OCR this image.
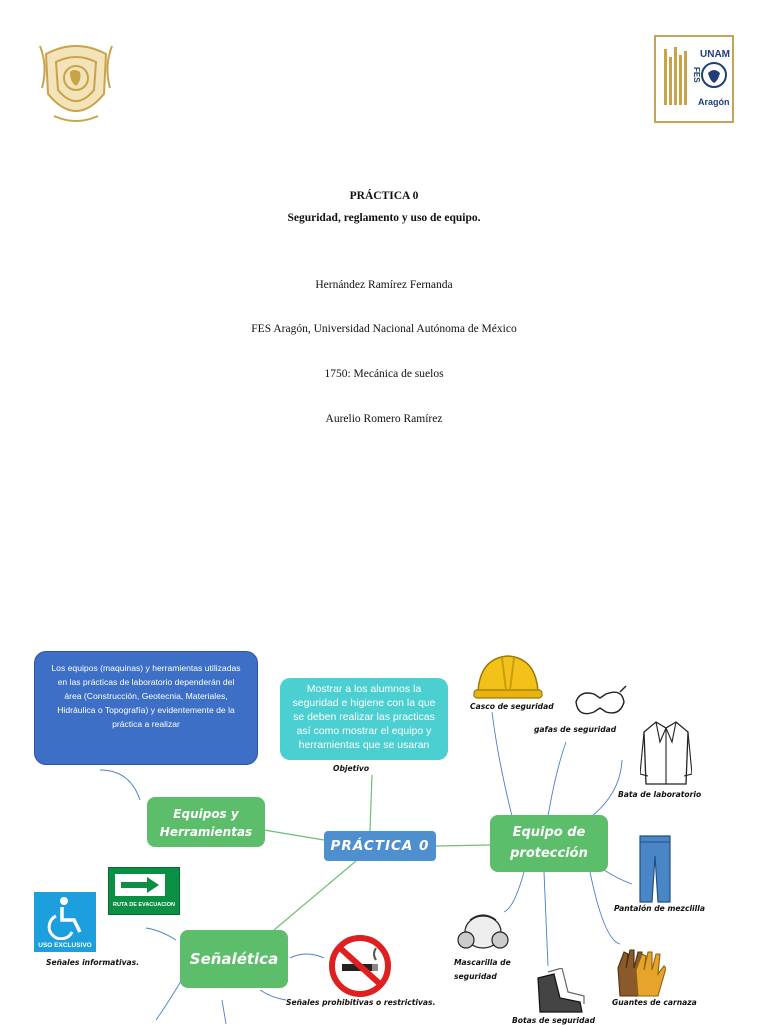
UNAM
FES
Aragón
PRÁCTICA 0
Seguridad, reglamento y uso de equipo.
Hernández Ramírez Fernanda
FES Aragón, Universidad Nacional Autónoma de México
1750: Mecánica de suelos
Aurelio Romero Ramírez
Los equipos (maquinas) y herramientas utilizadas en las prácticas de laboratorio dependerán del área (Construcción, Geotecnia, Materiales, Hidráulica o Topografía) y evidentemente de la práctica a realizar
Mostrar a los alumnos la seguridad e higiene con la que se deben realizar las practicas así como mostrar el equipo y herramientas que se usaran
Objetivo
Equipos y Herramientas
PRÁCTICA 0
Equipo de protección
Señalética
Casco de seguridad
gafas de seguridad
Bata de laboratorio
Pantalón de mezclilla
Mascarilla de seguridad
Botas de seguridad
Guantes de carnaza
RUTA DE EVACUACION
USO EXCLUSIVO
Señales informativas.
Señales prohibitivas o restrictivas.
